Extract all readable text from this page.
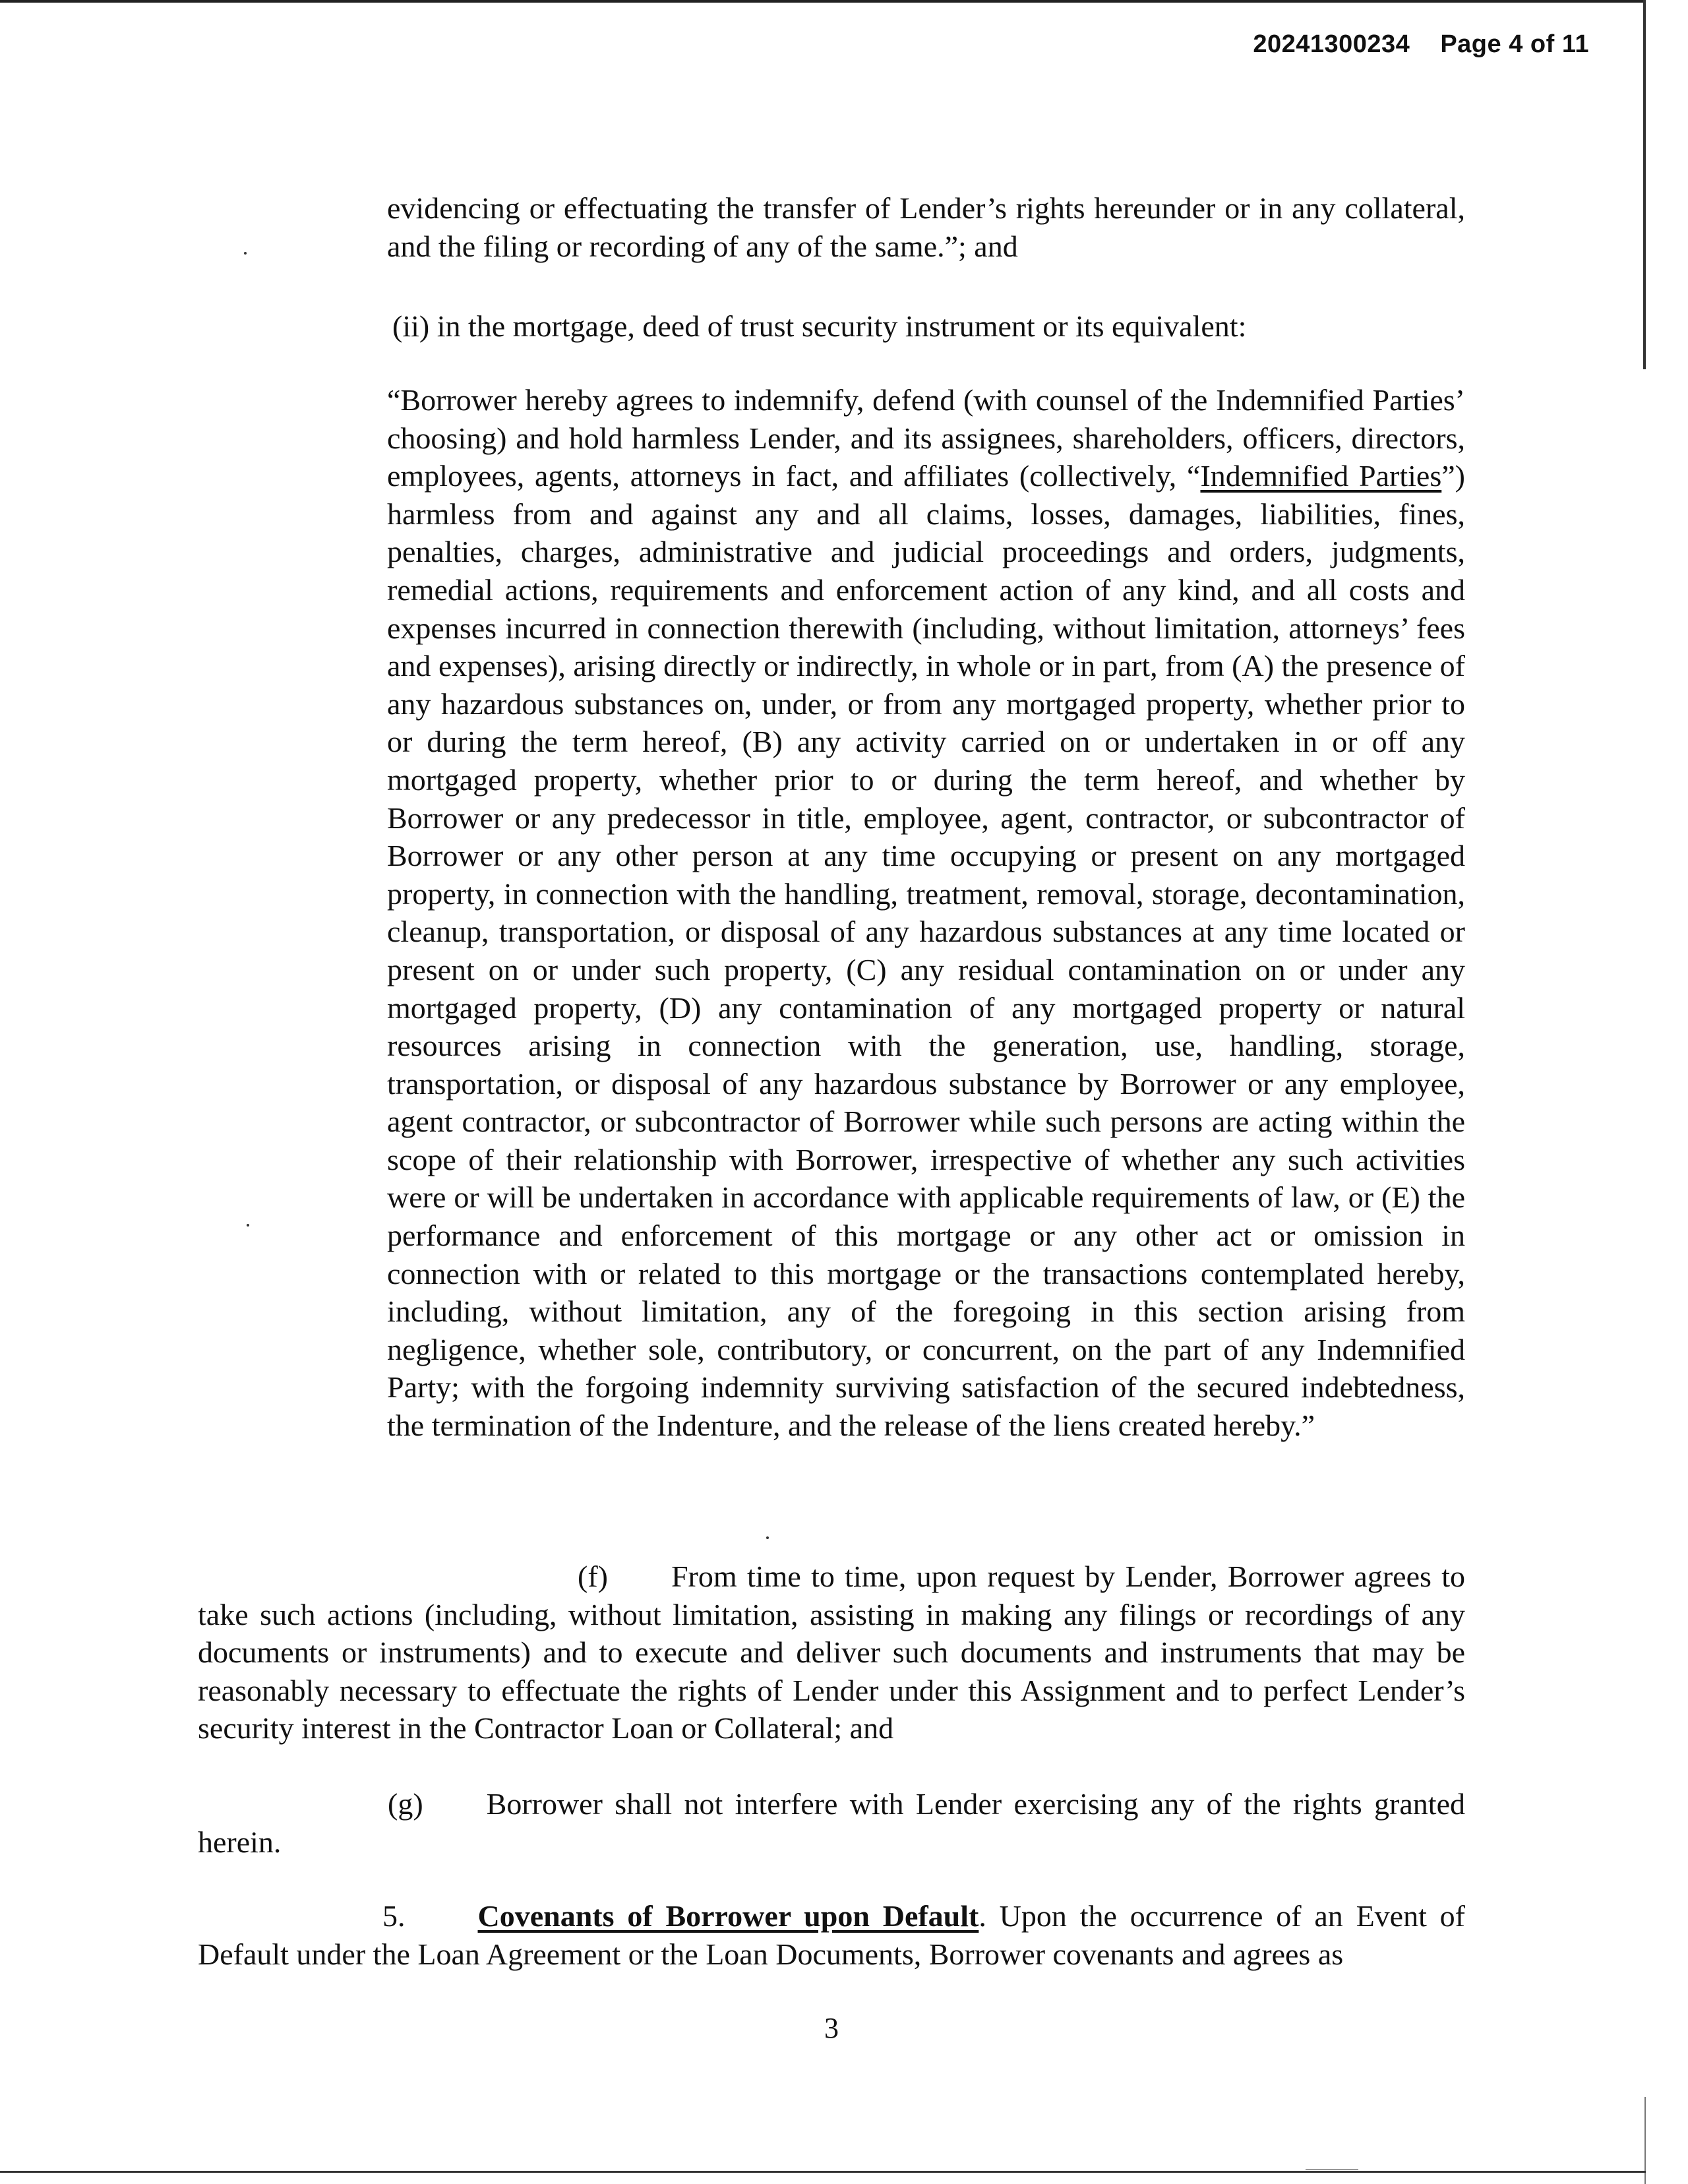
20241300234 Page 4 of 11
evidencing or effectuating the transfer of Lender’s rights hereunder or in any collateral, and the filing or recording of any of the same.”; and
(ii) in the mortgage, deed of trust security instrument or its equivalent:
“Borrower hereby agrees to indemnify, defend (with counsel of the Indemnified Parties’ choosing) and hold harmless Lender, and its assignees, shareholders, officers, directors, employees, agents, attorneys in fact, and affiliates (collectively, “Indemnified Parties”) harmless from and against any and all claims, losses, damages, liabilities, fines, penalties, charges, administrative and judicial proceedings and orders, judgments, remedial actions, requirements and enforcement action of any kind, and all costs and expenses incurred in connection therewith (including, without limitation, attorneys’ fees and expenses), arising directly or indirectly, in whole or in part, from (A) the presence of any hazardous substances on, under, or from any mortgaged property, whether prior to or during the term hereof, (B) any activity carried on or undertaken in or off any mortgaged property, whether prior to or during the term hereof, and whether by Borrower or any predecessor in title, employee, agent, contractor, or subcontractor of Borrower or any other person at any time occupying or present on any mortgaged property, in connection with the handling, treatment, removal, storage, decontamination, cleanup, transportation, or disposal of any hazardous substances at any time located or present on or under such property, (C) any residual contamination on or under any mortgaged property, (D) any contamination of any mortgaged property or natural resources arising in connection with the generation, use, handling, storage, transportation, or disposal of any hazardous substance by Borrower or any employee, agent contractor, or subcontractor of Borrower while such persons are acting within the scope of their relationship with Borrower, irrespective of whether any such activities were or will be undertaken in accordance with applicable requirements of law, or (E) the performance and enforcement of this mortgage or any other act or omission in connection with or related to this mortgage or the transactions contemplated hereby, including, without limitation, any of the foregoing in this section arising from negligence, whether sole, contributory, or concurrent, on the part of any Indemnified Party; with the forgoing indemnity surviving satisfaction of the secured indebtedness, the termination of the Indenture, and the release of the liens created hereby.”
(f) From time to time, upon request by Lender, Borrower agrees to take such actions (including, without limitation, assisting in making any filings or recordings of any documents or instruments) and to execute and deliver such documents and instruments that may be reasonably necessary to effectuate the rights of Lender under this Assignment and to perfect Lender’s security interest in the Contractor Loan or Collateral; and
(g) Borrower shall not interfere with Lender exercising any of the rights granted
herein.
5. Covenants of Borrower upon Default. Upon the occurrence of an Event of Default under the Loan Agreement or the Loan Documents, Borrower covenants and agrees as
3
